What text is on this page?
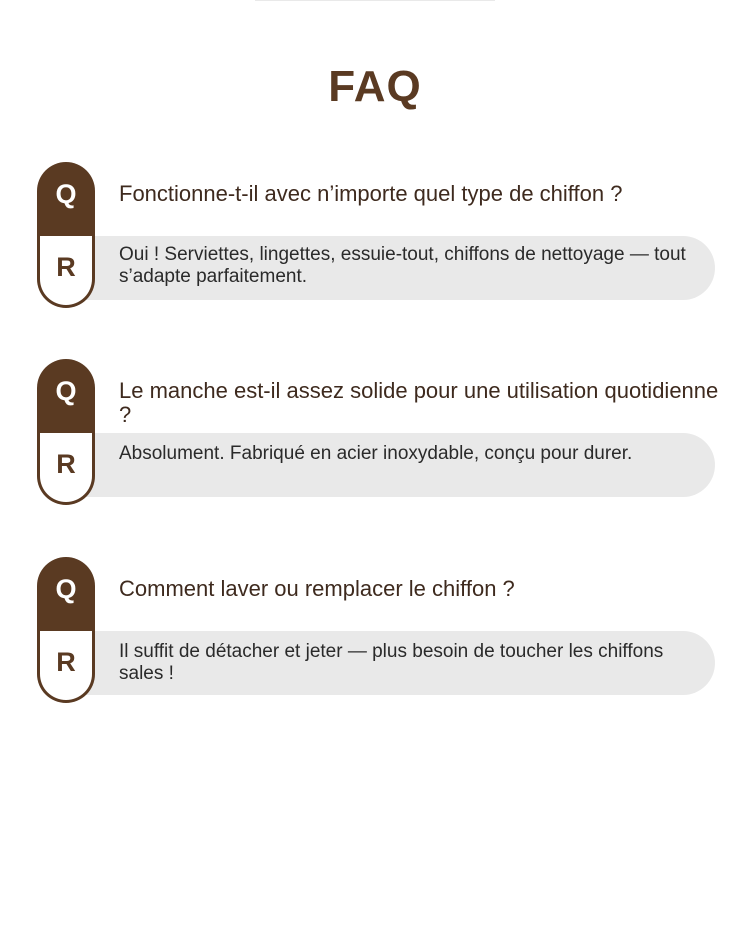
FAQ
Q
R
Fonctionne-t-il avec n’importe quel type de chiffon ?
Oui ! Serviettes, lingettes, essuie-tout, chiffons de nettoyage — tout s’adapte parfaitement.
Q
R
Le manche est-il assez solide pour une utilisation quotidienne ?
Absolument. Fabriqué en acier inoxydable, conçu pour durer.
Q
R
Comment laver ou remplacer le chiffon ?
Il suffit de détacher et jeter — plus besoin de toucher les chiffons sales !
